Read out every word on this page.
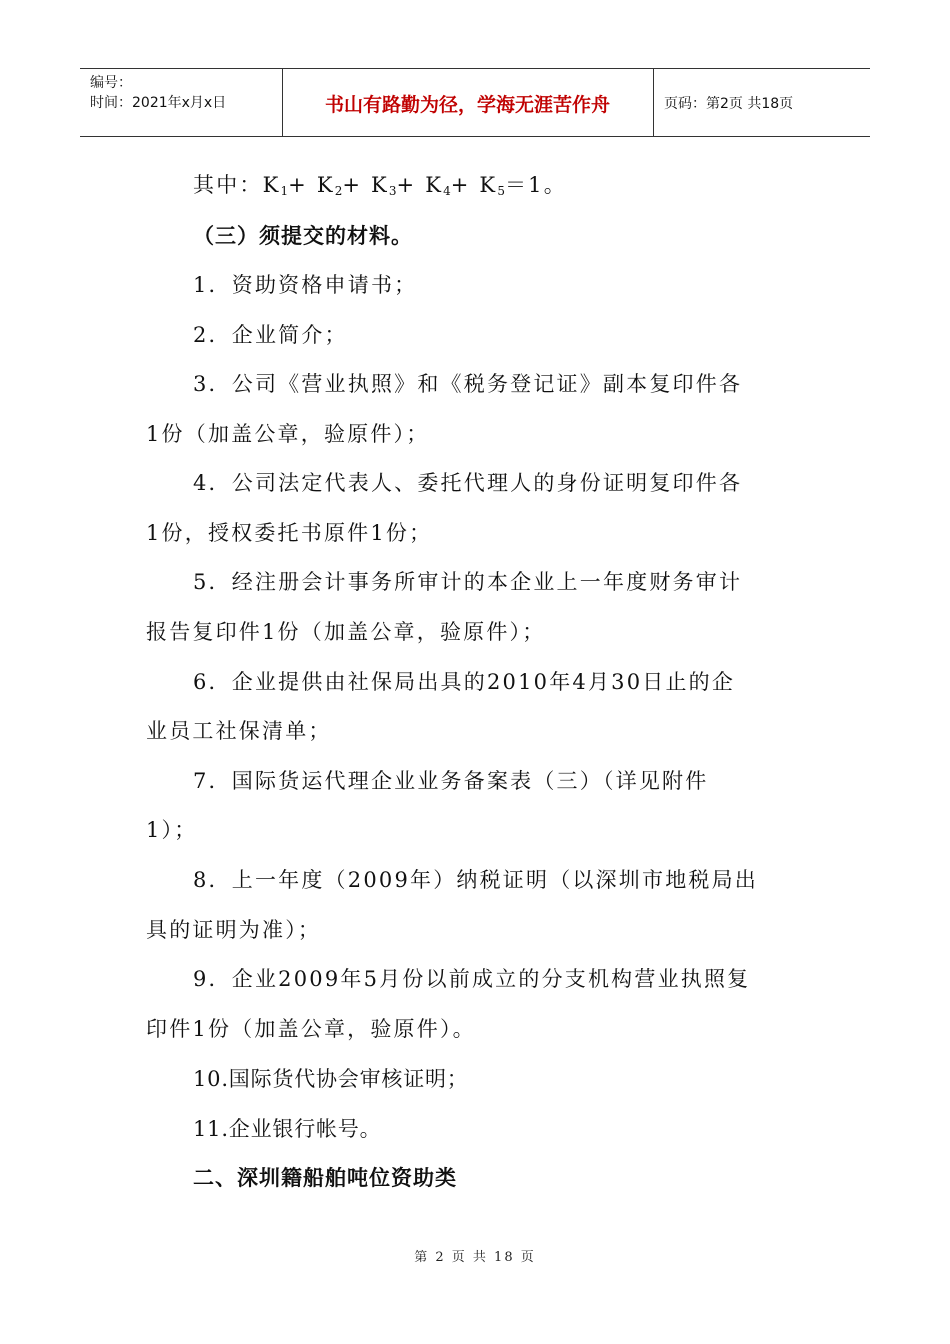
编号：
时间：2021年x月x日	书山有路勤为径，学海无涯苦作舟	页码：第2页 共18页
其中：$K_1+ K_2+ K_3+ K_4+ K_5=1$。
（三）须提交的材料。
1．资助资格申请书；
2．企业简介；
3．公司《营业执照》和《税务登记证》副本复印件各
1份（加盖公章，验原件）；
4．公司法定代表人、委托代理人的身份证明复印件各
1份，授权委托书原件1份；
5．经注册会计事务所审计的本企业上一年度财务审计
报告复印件1份（加盖公章，验原件）；
6．企业提供由社保局出具的2010年4月30日止的企
业员工社保清单；
7．国际货运代理企业业务备案表（三）（详见附件
1）；
8．上一年度（2009年）纳税证明（以深圳市地税局出
具的证明为准）；
9．企业2009年5月份以前成立的分支机构营业执照复
印件1份（加盖公章，验原件）。
10.国际货代协会审核证明；
11.企业银行帐号。
二、深圳籍船舶吨位资助类
第 2 页 共 18 页
